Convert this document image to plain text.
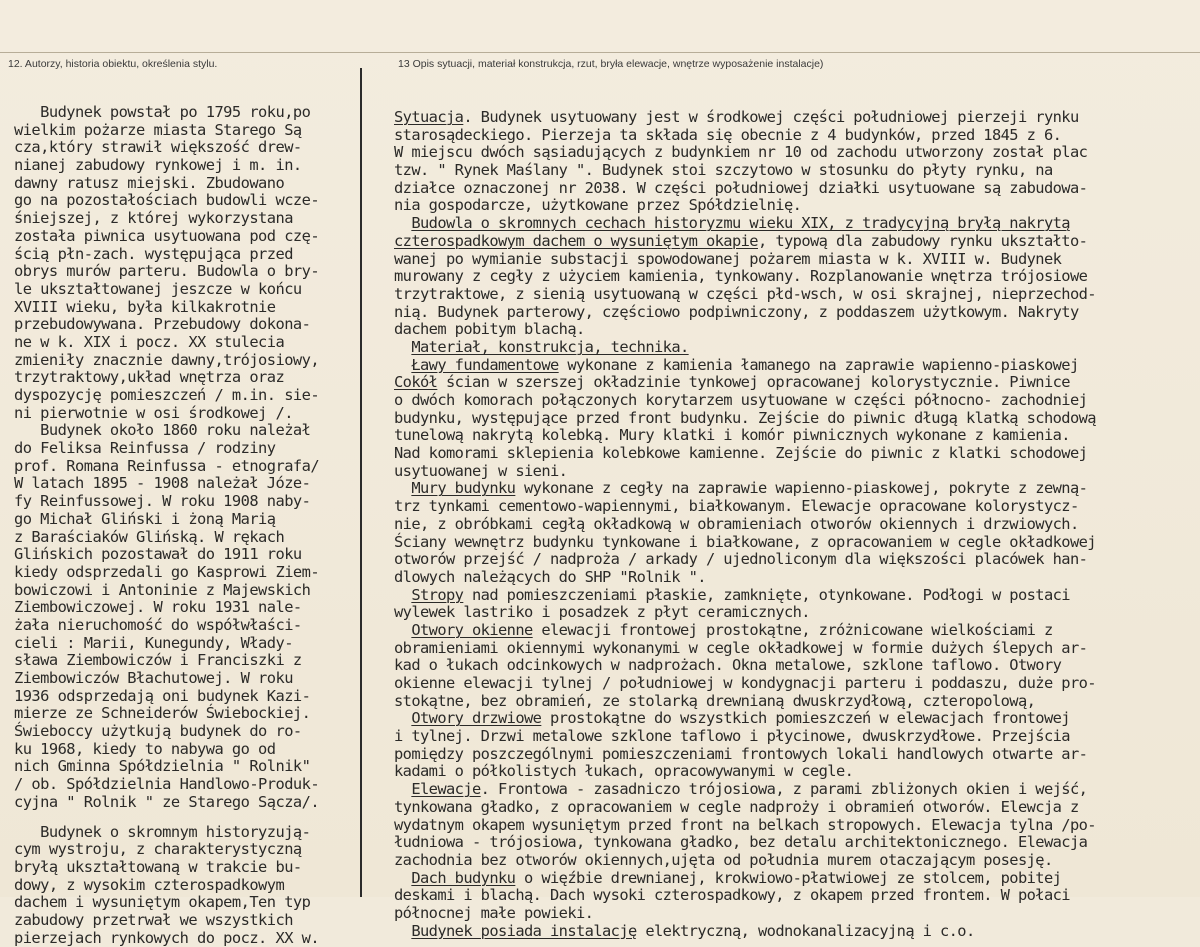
12. Autorzy, historia obiektu, określenia stylu.	13 Opis sytuacji, materiał konstrukcja, rzut, bryła elewacje, wnętrze wyposażenie instalacje)
Budynek powstał po 1795 roku,po
wielkim pożarze miasta Starego Są
cza,który strawił większość drew-
nianej zabudowy rynkowej i m. in.
dawny ratusz miejski. Zbudowano
go na pozostałościach budowli wcze-
śniejszej, z której wykorzystana
została piwnica usytuowana pod czę-
ścią płn-zach. występująca przed
obrys murów parteru. Budowla o bry-
le ukształtowanej jeszcze w końcu
XVIII wieku, była kilkakrotnie
przebudowywana. Przebudowy dokona-
ne w k. XIX i pocz. XX stulecia
zmieniły znacznie dawny,trójosiowy,
trzytraktowy,układ wnętrza oraz
dyspozycję pomieszczeń / m.in. sie-
ni pierwotnie w osi środkowej /.
Budynek około 1860 roku należał
do Feliksa Reinfussa / rodziny
prof. Romana Reinfussa - etnografa/
W latach 1895 - 1908 należał Józe-
fy Reinfussowej. W roku 1908 naby-
go Michał Gliński i żoną Marią
z Baraściaków Glińską. W rękach
Glińskich pozostawał do 1911 roku
kiedy odsprzedali go Kasprowi Ziem-
bowiczowi i Antoninie z Majewskich
Ziembowiczowej. W roku 1931 nale-
żała nieruchomość do współwłaści-
cieli : Marii, Kunegundy, Włady-
sława Ziembowiczów i Franciszki z
Ziembowiczów Błachutowej. W roku
1936 odsprzedają oni budynek Kazi-
mierze ze Schneiderów Świebockiej.
Świeboccy użytkują budynek do ro-
ku 1968, kiedy to nabywa go od
nich Gminna Spółdzielnia " Rolnik"
/ ob. Spółdzielnia Handlowo-Produk-
cyjna " Rolnik " ze Starego Sącza/.
Budynek o skromnym historyzują-
cym wystroju, z charakterystyczną
bryłą ukształtowaną w trakcie bu-
dowy, z wysokim czterospadkowym
dachem i wysuniętym okapem,Ten typ
zabudowy przetrwał we wszystkich
pierzejach rynkowych do pocz. XX w.
Sytuacja. Budynek usytuowany jest w środkowej części południowej pierzeji rynku
starosądeckiego. Pierzeja ta składa się obecnie z 4 budynków, przed 1845 z 6.
W miejscu dwóch sąsiadujących z budynkiem nr 10 od zachodu utworzony został plac
tzw. " Rynek Maślany ". Budynek stoi szczytowo w stosunku do płyty rynku, na
działce oznaczonej nr 2038. W części południowej działki usytuowane są zabudowa-
nia gospodarcze, użytkowane przez Spółdzielnię.
Budowla o skromnych cechach historyzmu wieku XIX, z tradycyjną bryłą nakrytą
czterospadkowym dachem o wysuniętym okapie, typową dla zabudowy rynku ukształto-
wanej po wymianie substacji spowodowanej pożarem miasta w k. XVIII w. Budynek
murowany z cegły z użyciem kamienia, tynkowany. Rozplanowanie wnętrza trójosiowe
trzytraktowe, z sienią usytuowaną w części płd-wsch, w osi skrajnej, nieprzechod-
nią. Budynek parterowy, częściowo podpiwniczony, z poddaszem użytkowym. Nakryty
dachem pobitym blachą.
Materiał, konstrukcja, technika.
Ławy fundamentowe wykonane z kamienia łamanego na zaprawie wapienno-piaskowej
Cokół ścian w szerszej okładzinie tynkowej opracowanej kolorystycznie. Piwnice
o dwóch komorach połączonych korytarzem usytuowane w części północno- zachodniej
budynku, występujące przed front budynku. Zejście do piwnic długą klatką schodową
tunelową nakrytą kolebką. Mury klatki i komór piwnicznych wykonane z kamienia.
Nad komorami sklepienia kolebkowe kamienne. Zejście do piwnic z klatki schodowej
usytuowanej w sieni.
Mury budynku wykonane z cegły na zaprawie wapienno-piaskowej, pokryte z zewną-
trz tynkami cementowo-wapiennymi, białkowanym. Elewacje opracowane kolorystycz-
nie, z obróbkami cegłą okładkową w obramieniach otworów okiennych i drzwiowych.
Ściany wewnętrz budynku tynkowane i białkowane, z opracowaniem w cegle okładkowej
otworów przejść / nadproża / arkady / ujednoliconym dla większości placówek han-
dlowych należących do SHP "Rolnik ".
Stropy nad pomieszczeniami płaskie, zamknięte, otynkowane. Podłogi w postaci
wylewek lastriko i posadzek z płyt ceramicznych.
Otwory okienne elewacji frontowej prostokątne, zróżnicowane wielkościami z
obramieniami okiennymi wykonanymi w cegle okładkowej w formie dużych ślepych ar-
kad o łukach odcinkowych w nadprożach. Okna metalowe, szklone taflowo. Otwory
okienne elewacji tylnej / południowej w kondygnacji parteru i poddaszu, duże pro-
stokątne, bez obramień, ze stolarką drewnianą dwuskrzydłową, czteropolową,
Otwory drzwiowe prostokątne do wszystkich pomieszczeń w elewacjach frontowej
i tylnej. Drzwi metalowe szklone taflowo i płycinowe, dwuskrzydłowe. Przejścia
pomiędzy poszczególnymi pomieszczeniami frontowych lokali handlowych otwarte ar-
kadami o półkolistych łukach, opracowywanymi w cegle.
Elewacje. Frontowa - zasadniczo trójosiowa, z parami zbliżonych okien i wejść,
tynkowana gładko, z opracowaniem w cegle nadproży i obramień otworów. Elewcja z
wydatnym okapem wysuniętym przed front na belkach stropowych. Elewacja tylna /po-
łudniowa - trójosiowa, tynkowana gładko, bez detalu architektonicznego. Elewacja
zachodnia bez otworów okiennych,ujęta od południa murem otaczającym posesję.
Dach budynku o więźbie drewnianej, krokwiowo-płatwiowej ze stolcem, pobitej
deskami i blachą. Dach wysoki czterospadkowy, z okapem przed frontem. W połaci
północnej małe powieki.
Budynek posiada instalację elektryczną, wodnokanalizacyjną i c.o.
